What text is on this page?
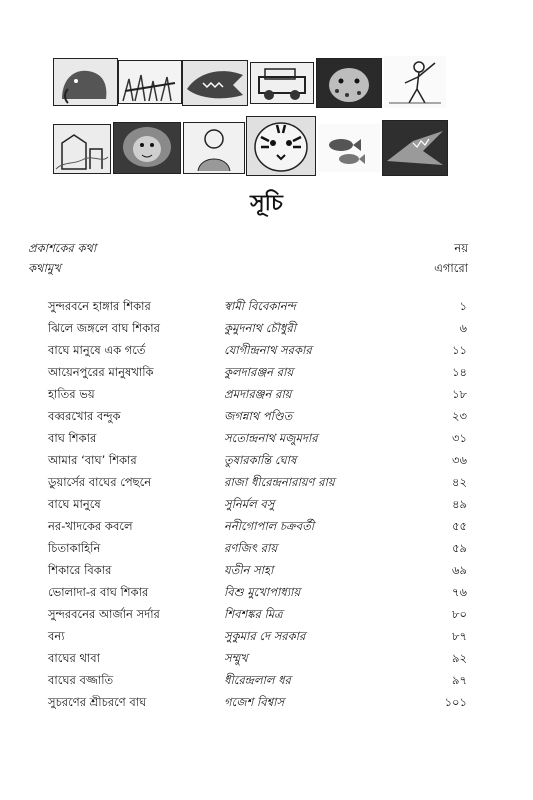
সূচি
প্রকাশকের কথা	নয়
কথামুখ	এগারো
সুন্দরবনে হাঙ্গার শিকার	স্বামী বিবেকানন্দ	১
ঝিলে জঙ্গলে বাঘ শিকার	কুমুদনাথ চৌধুরী	৬
বাঘে মানুষে এক গর্তে	যোগীন্দ্রনাথ সরকার	১১
আয়েনপুরের মানুষখাকি	কুলদারঞ্জন রায়	১৪
হাতির ভয়	প্রমদারঞ্জন রায়	১৮
বব্বরখোর বন্দুক	জগন্নাথ পণ্ডিত	২৩
বাঘ শিকার	সতোন্দ্রনাথ মজুমদার	৩১
আমার ‘বাঘ’ শিকার	তুষারকান্তি ঘোষ	৩৬
ডুয়ার্সের বাঘের পেছনে	রাজা ধীরেন্দ্রনারায়ণ রায়	৪২
বাঘে মানুষে	সুনির্মল বসু	৪৯
নর-খাদকের কবলে	ননীগোপাল চক্রবর্তী	৫৫
চিতাকাহিনি	রণজিৎ রায়	৫৯
শিকারে বিকার	যতীন সাহা	৬৯
ভোলাদা-র বাঘ শিকার	বিশু মুখোপাধ্যায়	৭৬
সুন্দরবনের আর্জান সর্দার	শিবশঙ্কর মিত্র	৮০
বন্য	সুকুমার দে সরকার	৮৭
বাঘের থাবা	সম্মুখ	৯২
বাঘের বজ্জাতি	ধীরেন্দ্রলাল ধর	৯৭
সুচরণের শ্রীচরণে বাঘ	গজেশ বিশ্বাস	১০১
